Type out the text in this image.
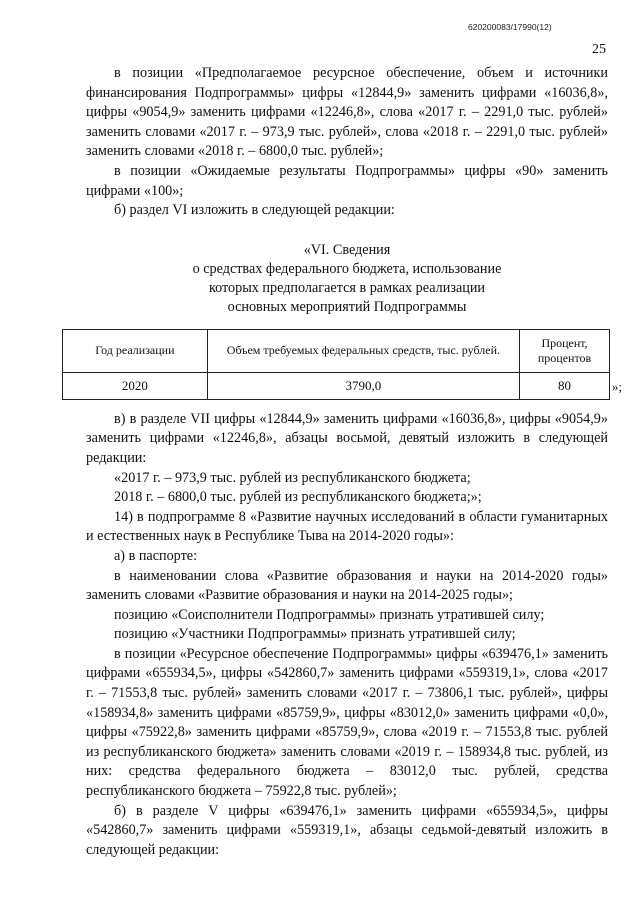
620200083/17990(12)
25

в позиции «Предполагаемое ресурсное обеспечение, объем и источники финансирования Подпрограммы» цифры «12844,9» заменить цифрами «16036,8», цифры «9054,9» заменить цифрами «12246,8», слова «2017 г. – 2291,0 тыс. рублей» заменить словами «2017 г. – 973,9 тыс. рублей», слова «2018 г. – 2291,0 тыс. рублей» заменить словами «2018 г. – 6800,0 тыс. рублей»;

в позиции «Ожидаемые результаты Подпрограммы» цифры «90» заменить цифрами «100»;

б) раздел VI изложить в следующей редакции:

«VI. Сведения
о средствах федерального бюджета, использование
которых предполагается в рамках реализации
основных мероприятий Подпрограммы
Год реализации	Объем требуемых федеральных средств, тыс. рублей.	Процент, процентов
2020	3790,0	80	»;

в) в разделе VII цифры «12844,9» заменить цифрами «16036,8», цифры «9054,9» заменить цифрами «12246,8», абзацы восьмой, девятый изложить в следующей редакции:

«2017 г. – 973,9 тыс. рублей из республиканского бюджета;

2018 г. – 6800,0 тыс. рублей из республиканского бюджета;»;

14) в подпрограмме 8 «Развитие научных исследований в области гуманитарных и естественных наук в Республике Тыва на 2014-2020 годы»:

а) в паспорте:

в наименовании слова «Развитие образования и науки на 2014-2020 годы» заменить словами «Развитие образования и науки на 2014-2025 годы»;

позицию «Соисполнители Подпрограммы» признать утратившей силу;

позицию «Участники Подпрограммы» признать утратившей силу;

в позиции «Ресурсное обеспечение Подпрограммы» цифры «639476,1» заменить цифрами «655934,5», цифры «542860,7» заменить цифрами «559319,1», слова «2017 г. – 71553,8 тыс. рублей» заменить словами «2017 г. – 73806,1 тыс. рублей», цифры «158934,8» заменить цифрами «85759,9», цифры «83012,0» заменить цифрами «0,0», цифры «75922,8» заменить цифрами «85759,9», слова «2019 г. – 71553,8 тыс. рублей из республиканского бюджета» заменить словами «2019 г. – 158934,8 тыс. рублей, из них: средства федерального бюджета – 83012,0 тыс. рублей, средства республиканского бюджета – 75922,8 тыс. рублей»;

б) в разделе V цифры «639476,1» заменить цифрами «655934,5», цифры «542860,7» заменить цифрами «559319,1», абзацы седьмой-девятый изложить в следующей редакции:
